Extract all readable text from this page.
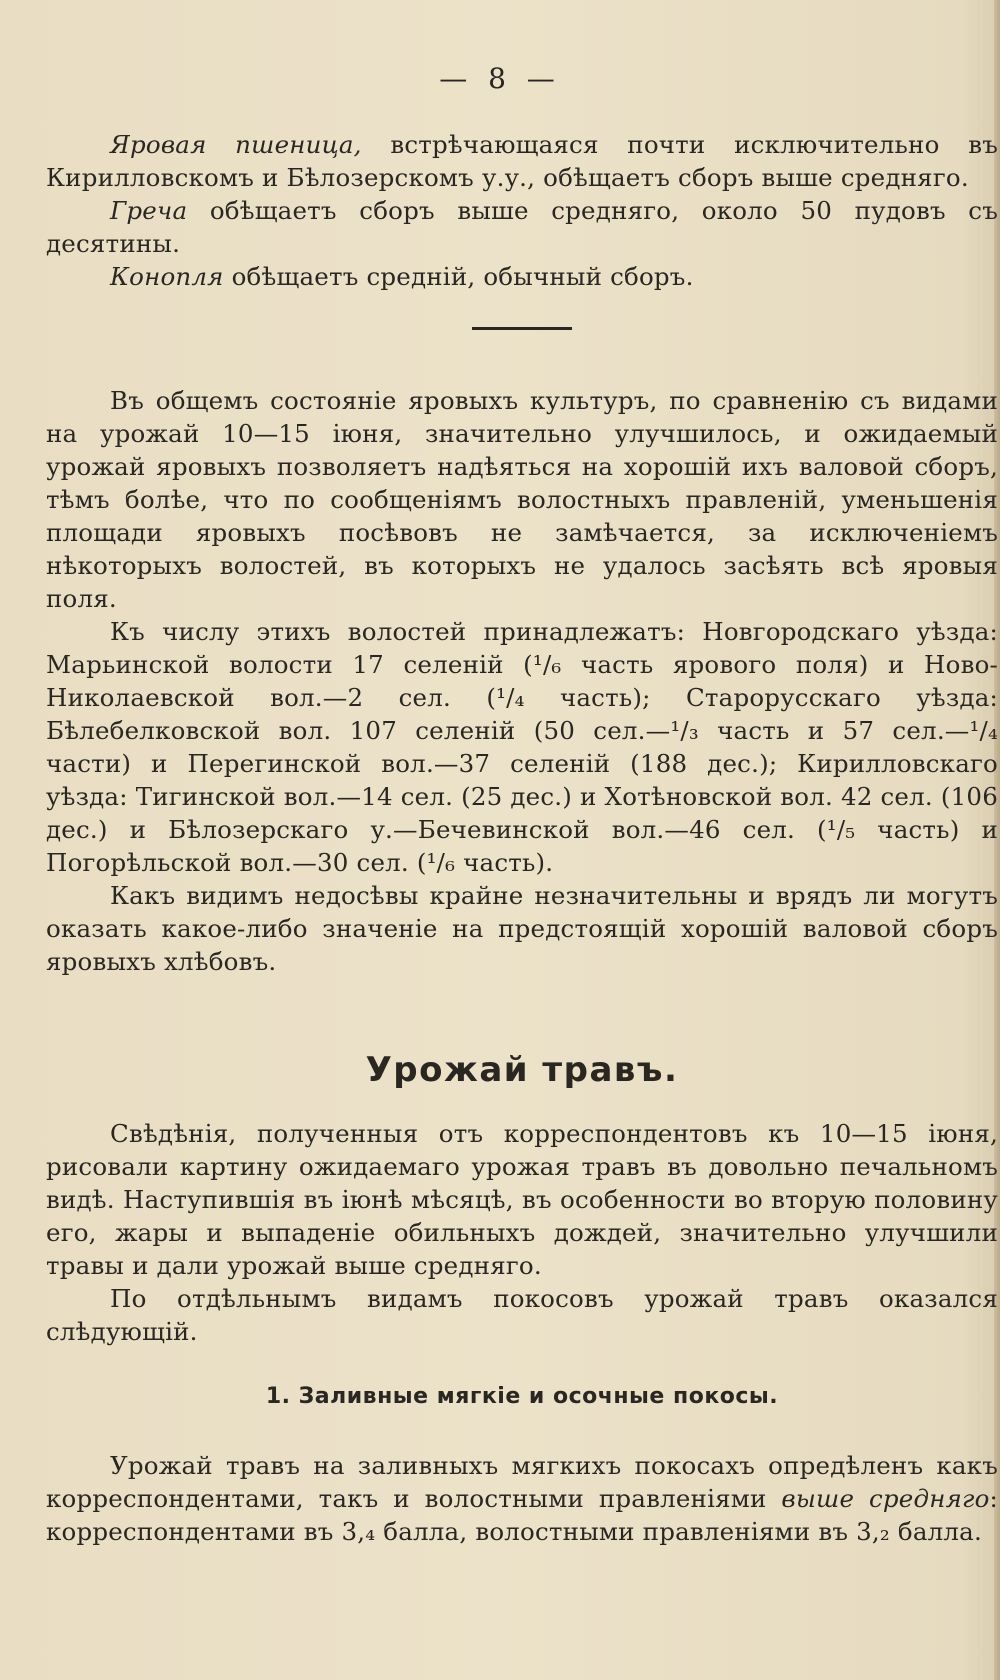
— 8 —

Яровая пшеница, встрѣчающаяся почти исключительно въ Кирилловскомъ и Бѣлозерскомъ у.у., обѣщаетъ сборъ выше средняго.

Греча обѣщаетъ сборъ выше средняго, около 50 пудовъ съ десятины.

Конопля обѣщаетъ средній, обычный сборъ.

Въ общемъ состояніе яровыхъ культуръ, по сравненію съ видами на урожай 10—15 іюня, значительно улучшилось, и ожидаемый урожай яровыхъ позволяетъ надѣяться на хорошій ихъ валовой сборъ, тѣмъ болѣе, что по сообщеніямъ волостныхъ правленій, уменьшенія площади яровыхъ посѣвовъ не замѣчается, за исключеніемъ нѣкоторыхъ волостей, въ которыхъ не удалось засѣять всѣ яровыя поля.

Къ числу этихъ волостей принадлежатъ: Новгородскаго уѣзда: Марьинской волости 17 селеній (¹/₆ часть ярового поля) и Ново-Николаевской вол.—2 сел. (¹/₄ часть); Старорусскаго уѣзда: Бѣлебелковской вол. 107 селеній (50 сел.—¹/₃ часть и 57 сел.—¹/₄ части) и Перегинской вол.—37 селеній (188 дес.); Кирилловскаго уѣзда: Тигинской вол.—14 сел. (25 дес.) и Хотѣновской вол. 42 сел. (106 дес.) и Бѣлозерскаго у.—Бечевинской вол.—46 сел. (¹/₅ часть) и Погорѣльской вол.—30 сел. (¹/₆ часть).

Какъ видимъ недосѣвы крайне незначительны и врядъ ли могутъ оказать какое-либо значеніе на предстоящій хорошій валовой сборъ яровыхъ хлѣбовъ.

Урожай травъ.

Свѣдѣнія, полученныя отъ корреспондентовъ къ 10—15 іюня, рисовали картину ожидаемаго урожая травъ въ довольно печальномъ видѣ. Наступившія въ іюнѣ мѣсяцѣ, въ особенности во вторую половину его, жары и выпаденіе обильныхъ дождей, значительно улучшили травы и дали урожай выше средняго.

По отдѣльнымъ видамъ покосовъ урожай травъ оказался слѣдующій.

1. Заливные мягкіе и осочные покосы.

Урожай травъ на заливныхъ мягкихъ покосахъ опредѣленъ какъ корреспондентами, такъ и волостными правленіями выше средняго: корреспондентами въ 3,₄ балла, волостными правленіями въ 3,₂ балла.
